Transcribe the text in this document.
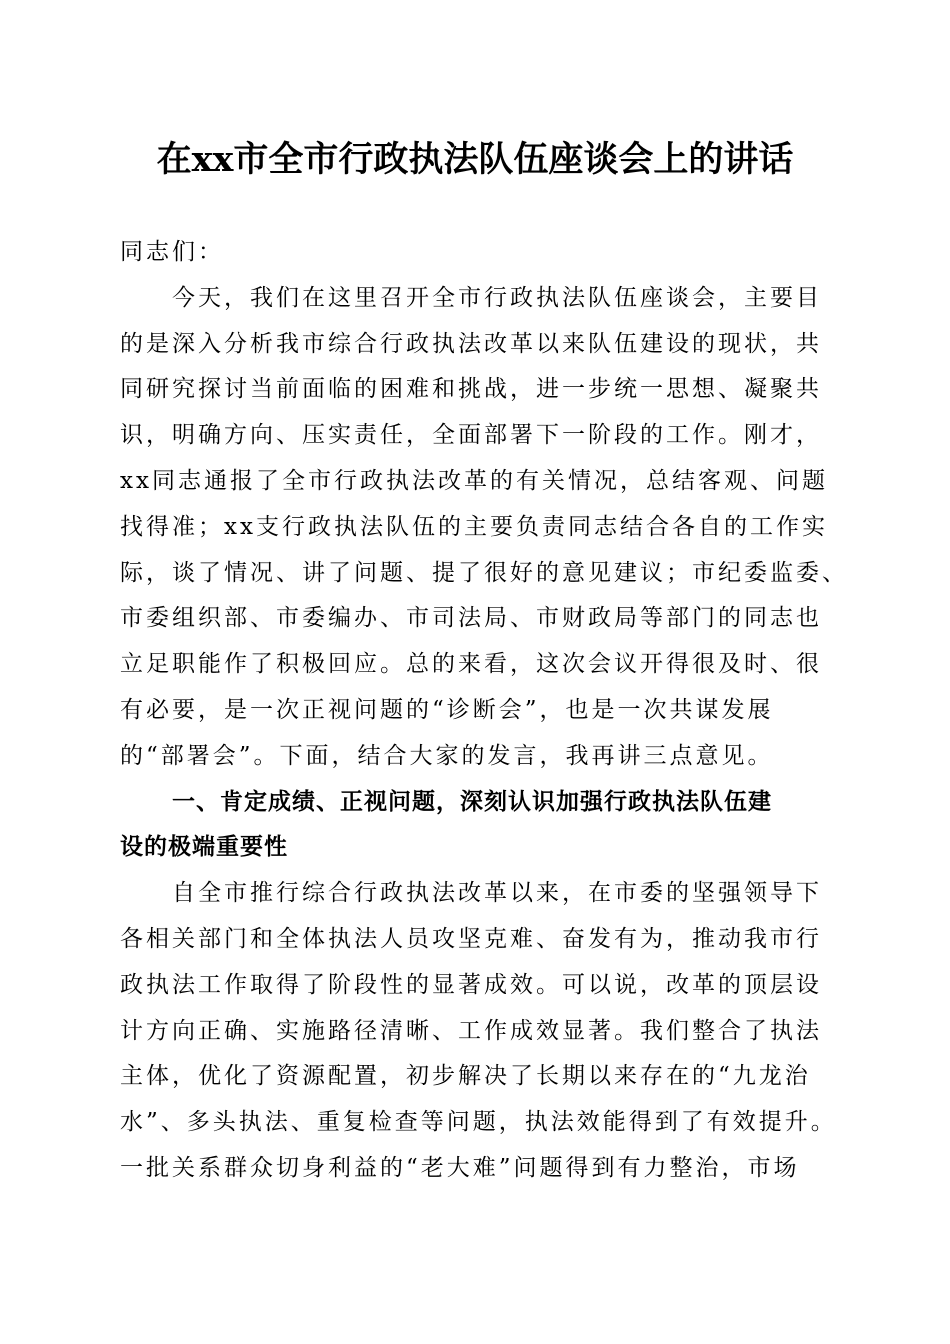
在xx市全市行政执法队伍座谈会上的讲话
同志们：
今天，我们在这里召开全市行政执法队伍座谈会，主要目
的是深入分析我市综合行政执法改革以来队伍建设的现状，共
同研究探讨当前面临的困难和挑战，进一步统一思想、凝聚共
识，明确方向、压实责任，全面部署下一阶段的工作。刚才，
xx同志通报了全市行政执法改革的有关情况，总结客观、问题
找得准；xx支行政执法队伍的主要负责同志结合各自的工作实
际，谈了情况、讲了问题、提了很好的意见建议；市纪委监委、
市委组织部、市委编办、市司法局、市财政局等部门的同志也
立足职能作了积极回应。总的来看，这次会议开得很及时、很
有必要，是一次正视问题的“诊断会”，也是一次共谋发展
的“部署会”。下面，结合大家的发言，我再讲三点意见。
一、肯定成绩、正视问题，深刻认识加强行政执法队伍建
设的极端重要性
自全市推行综合行政执法改革以来，在市委的坚强领导下
各相关部门和全体执法人员攻坚克难、奋发有为，推动我市行
政执法工作取得了阶段性的显著成效。可以说，改革的顶层设
计方向正确、实施路径清晰、工作成效显著。我们整合了执法
主体，优化了资源配置，初步解决了长期以来存在的“九龙治
水”、多头执法、重复检查等问题，执法效能得到了有效提升。
一批关系群众切身利益的“老大难”问题得到有力整治，市场
